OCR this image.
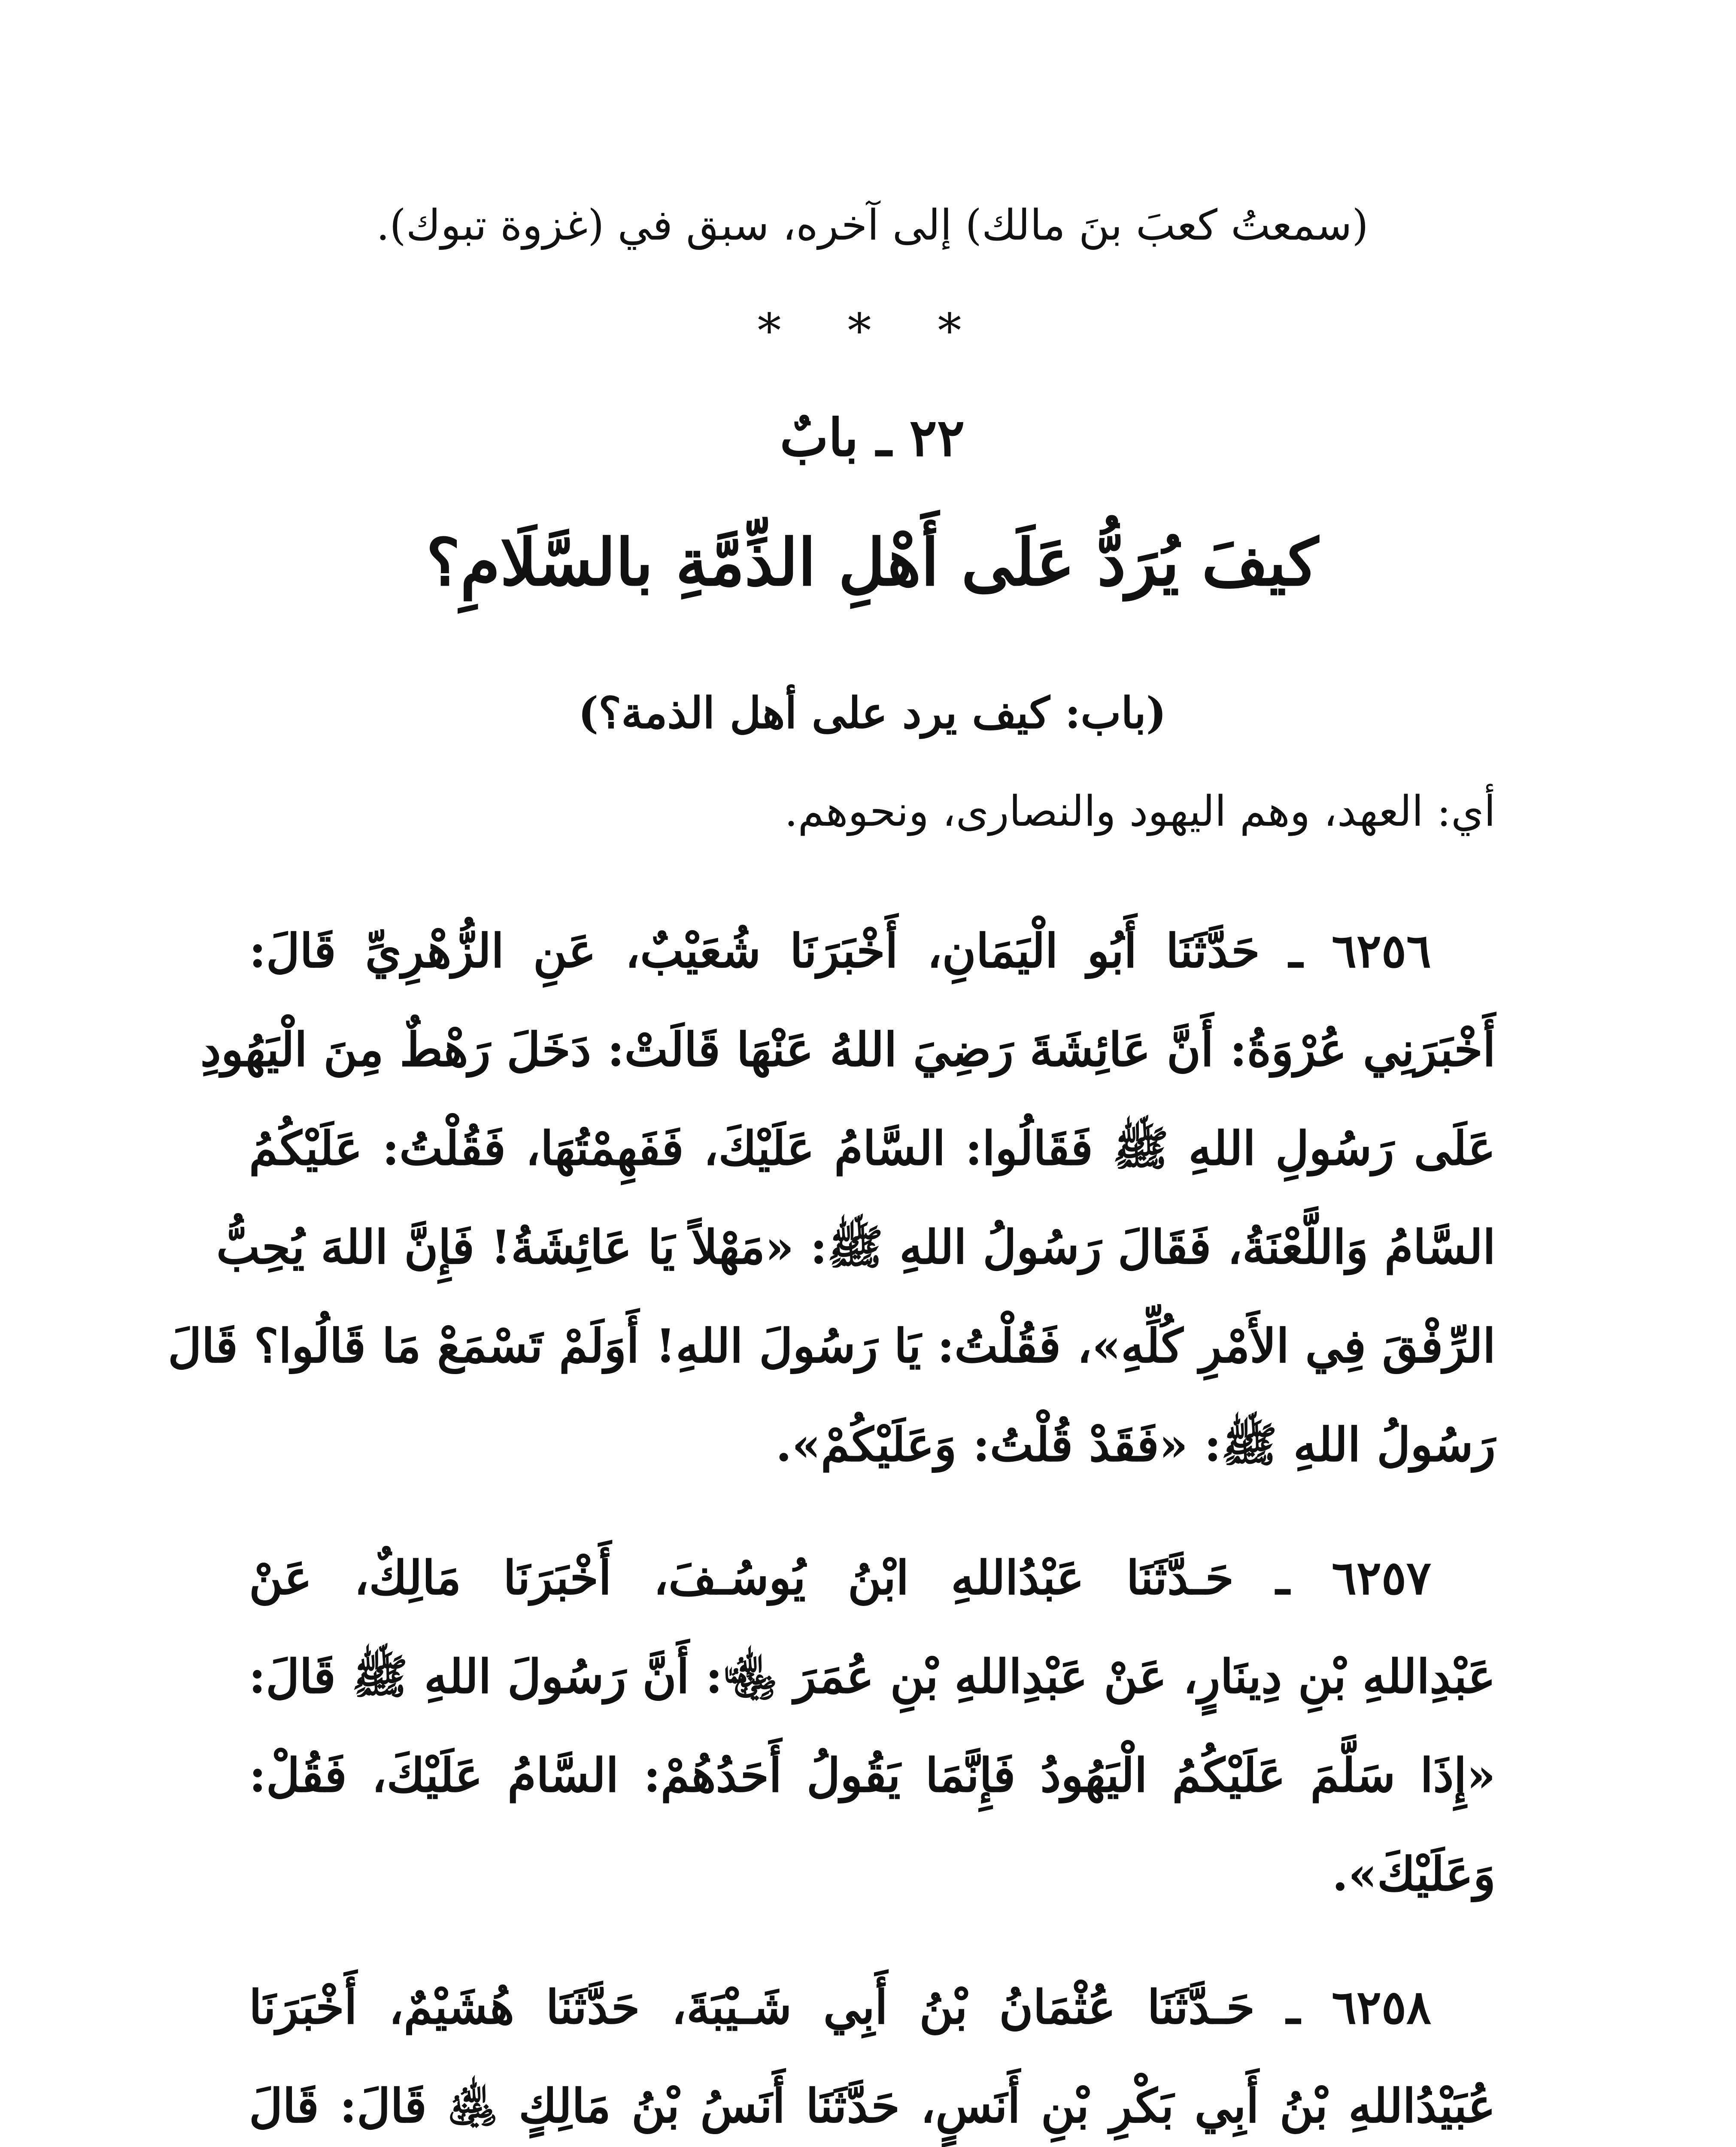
(سمعتُ كعبَ بنَ مالك) إلى آخره، سبق في (غزوة تبوك).
* * *
٢٢ ـ بابٌ
كيفَ يُرَدُّ عَلَى أَهْلِ الذِّمَّةِ بالسَّلَامِ؟
(باب: كيف يرد على أهل الذمة؟)
أي: العهد، وهم اليهود والنصارى، ونحوهم.
٦٢٥٦ ـ حَدَّثَنَا أَبُو الْيَمَانِ، أَخْبَرَنَا شُعَيْبٌ، عَنِ الزُّهْرِيِّ قَالَ:
أَخْبَرَنِي عُرْوَةُ: أَنَّ عَائِشَةَ رَضِيَ اللهُ عَنْهَا قَالَتْ: دَخَلَ رَهْطٌ مِنَ الْيَهُودِ
عَلَى رَسُولِ اللهِ ﷺ فَقَالُوا: السَّامُ عَلَيْكَ، فَفَهِمْتُهَا، فَقُلْتُ: عَلَيْكُمُ
السَّامُ وَاللَّعْنَةُ، فَقَالَ رَسُولُ اللهِ ﷺ: «مَهْلاً يَا عَائِشَةُ! فَإِنَّ اللهَ يُحِبُّ
الرِّفْقَ فِي الأَمْرِ كُلِّهِ»، فَقُلْتُ: يَا رَسُولَ اللهِ! أَوَلَمْ تَسْمَعْ مَا قَالُوا؟ قَالَ
رَسُولُ اللهِ ﷺ: «فَقَدْ قُلْتُ: وَعَلَيْكُمْ».
٦٢٥٧ ـ حَـدَّثَنَا عَبْدُاللهِ ابْنُ يُوسُـفَ، أَخْبَرَنَا مَالِكٌ، عَنْ
عَبْدِاللهِ بْنِ دِينَارٍ، عَنْ عَبْدِاللهِ بْنِ عُمَرَ ﵄: أَنَّ رَسُولَ اللهِ ﷺ قَالَ:
«إِذَا سَلَّمَ عَلَيْكُمُ الْيَهُودُ فَإِنَّمَا يَقُولُ أَحَدُهُمْ: السَّامُ عَلَيْكَ، فَقُلْ:
وَعَلَيْكَ».
٦٢٥٨ ـ حَـدَّثَنَا عُثْمَانُ بْنُ أَبِي شَـيْبَةَ، حَدَّثَنَا هُشَيْمٌ، أَخْبَرَنَا
عُبَيْدُاللهِ بْنُ أَبِي بَكْرِ بْنِ أَنَسٍ، حَدَّثَنَا أَنَسُ بْنُ مَالِكٍ ﵁ قَالَ: قَالَ
